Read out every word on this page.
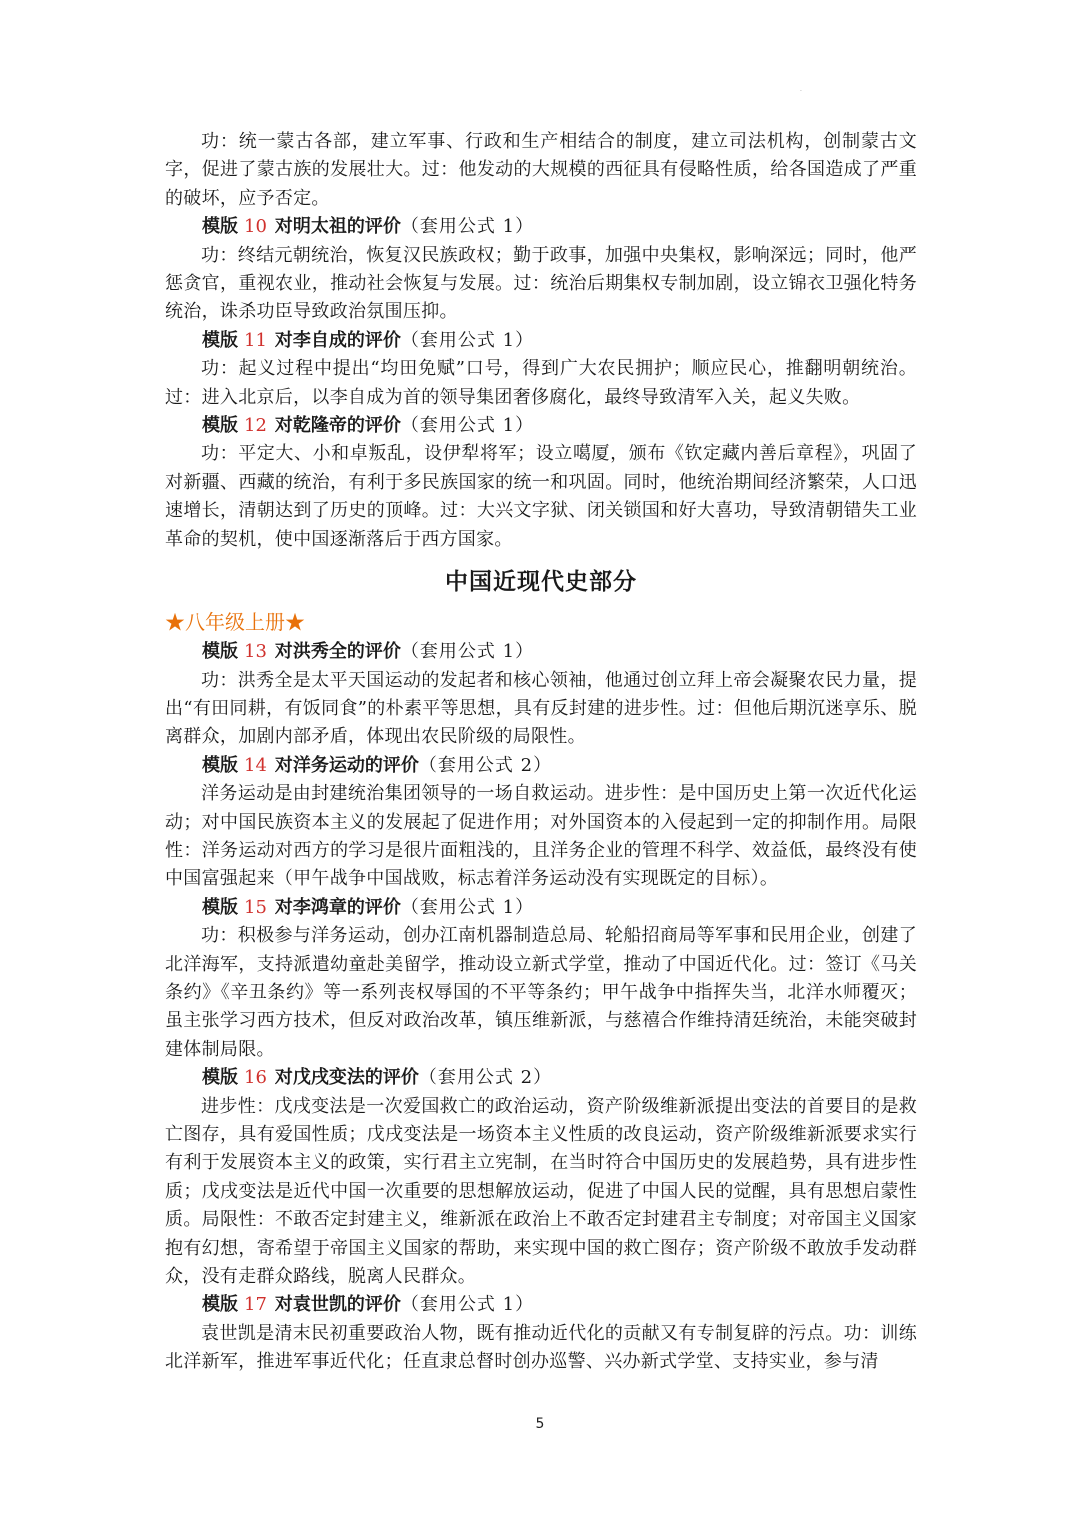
·

功：统一蒙古各部，建立军事、行政和生产相结合的制度，建立司法机构，创制蒙古文字，促进了蒙古族的发展壮大。过：他发动的大规模的西征具有侵略性质，给各国造成了严重的破坏，应予否定。

模版 10 对明太祖的评价（套用公式 1）

功：终结元朝统治，恢复汉民族政权；勤于政事，加强中央集权，影响深远；同时，他严惩贪官，重视农业，推动社会恢复与发展。过：统治后期集权专制加剧，设立锦衣卫强化特务统治，诛杀功臣导致政治氛围压抑。

模版 11 对李自成的评价（套用公式 1）

功：起义过程中提出“均田免赋”口号，得到广大农民拥护；顺应民心，推翻明朝统治。过：进入北京后，以李自成为首的领导集团奢侈腐化，最终导致清军入关，起义失败。

模版 12 对乾隆帝的评价（套用公式 1）

功：平定大、小和卓叛乱，设伊犁将军；设立噶厦，颁布《钦定藏内善后章程》，巩固了对新疆、西藏的统治，有利于多民族国家的统一和巩固。同时，他统治期间经济繁荣，人口迅速增长，清朝达到了历史的顶峰。过：大兴文字狱、闭关锁国和好大喜功，导致清朝错失工业革命的契机，使中国逐渐落后于西方国家。

中国近现代史部分

★八年级上册★

模版 13 对洪秀全的评价（套用公式 1）

功：洪秀全是太平天国运动的发起者和核心领袖，他通过创立拜上帝会凝聚农民力量，提出“有田同耕，有饭同食”的朴素平等思想，具有反封建的进步性。过：但他后期沉迷享乐、脱离群众，加剧内部矛盾，体现出农民阶级的局限性。

模版 14 对洋务运动的评价（套用公式 2）

洋务运动是由封建统治集团领导的一场自救运动。进步性：是中国历史上第一次近代化运动；对中国民族资本主义的发展起了促进作用；对外国资本的入侵起到一定的抑制作用。局限性：洋务运动对西方的学习是很片面粗浅的，且洋务企业的管理不科学、效益低，最终没有使中国富强起来（甲午战争中国战败，标志着洋务运动没有实现既定的目标）。

模版 15 对李鸿章的评价（套用公式 1）

功：积极参与洋务运动，创办江南机器制造总局、轮船招商局等军事和民用企业，创建了北洋海军，支持派遣幼童赴美留学，推动设立新式学堂，推动了中国近代化。过：签订《马关条约》《辛丑条约》等一系列丧权辱国的不平等条约；甲午战争中指挥失当，北洋水师覆灭；虽主张学习西方技术，但反对政治改革，镇压维新派，与慈禧合作维持清廷统治，未能突破封建体制局限。

模版 16 对戊戌变法的评价（套用公式 2）

进步性：戊戌变法是一次爱国救亡的政治运动，资产阶级维新派提出变法的首要目的是救亡图存，具有爱国性质；戊戌变法是一场资本主义性质的改良运动，资产阶级维新派要求实行有利于发展资本主义的政策，实行君主立宪制，在当时符合中国历史的发展趋势，具有进步性质；戊戌变法是近代中国一次重要的思想解放运动，促进了中国人民的觉醒，具有思想启蒙性质。局限性：不敢否定封建主义，维新派在政治上不敢否定封建君主专制度；对帝国主义国家抱有幻想，寄希望于帝国主义国家的帮助，来实现中国的救亡图存；资产阶级不敢放手发动群众，没有走群众路线，脱离人民群众。

模版 17 对袁世凯的评价（套用公式 1）

袁世凯是清末民初重要政治人物，既有推动近代化的贡献又有专制复辟的污点。功：训练北洋新军，推进军事近代化；任直隶总督时创办巡警、兴办新式学堂、支持实业，参与清

5
